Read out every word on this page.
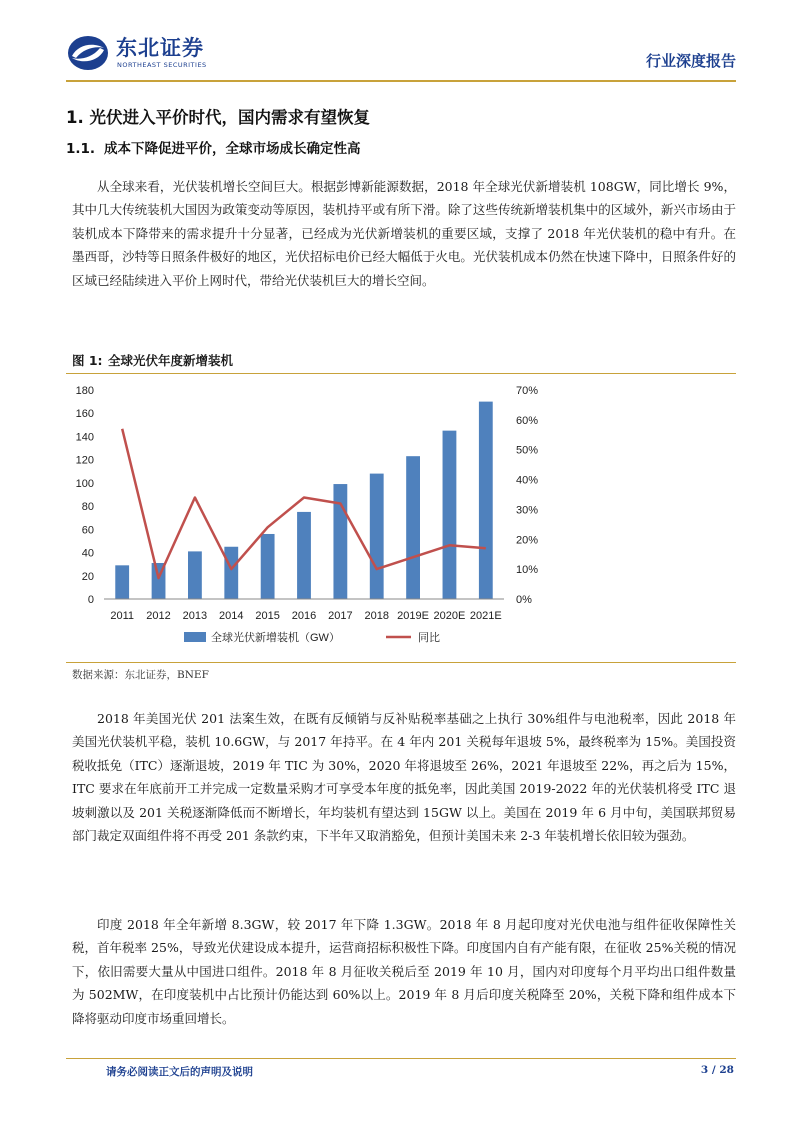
东北证券
NORTHEAST SECURITIES	行业深度报告
1. 光伏进入平价时代，国内需求有望恢复
1.1. 成本下降促进平价，全球市场成长确定性高

从全球来看，光伏装机增长空间巨大。根据彭博新能源数据，2018 年全球光伏新增装机 108GW，同比增长 9%，其中几大传统装机大国因为政策变动等原因，装机持平或有所下滑。除了这些传统新增装机集中的区域外，新兴市场由于装机成本下降带来的需求提升十分显著，已经成为光伏新增装机的重要区域，支撑了 2018 年光伏装机的稳中有升。在墨西哥，沙特等日照条件极好的地区，光伏招标电价已经大幅低于火电。光伏装机成本仍然在快速下降中，日照条件好的区域已经陆续进入平价上网时代，带给光伏装机巨大的增长空间。

图 1: 全球光伏年度新增装机
0
20
40
60
80
100
120
140
160
180
0%
10%
20%
30%
40%
50%
60%
70%
2011 2012 2013 2014 2015 2016 2017 2018 2019E 2020E 2021E
全球光伏新增装机（GW）	同比
数据来源：东北证券，BNEF

2018 年美国光伏 201 法案生效，在既有反倾销与反补贴税率基础之上执行 30%组件与电池税率，因此 2018 年美国光伏装机平稳，装机 10.6GW，与 2017 年持平。在 4 年内 201 关税每年退坡 5%，最终税率为 15%。美国投资税收抵免（ITC）逐渐退坡，2019 年 TIC 为 30%，2020 年将退坡至 26%，2021 年退坡至 22%，再之后为 15%，ITC 要求在年底前开工并完成一定数量采购才可享受本年度的抵免率，因此美国 2019-2022 年的光伏装机将受 ITC 退坡刺激以及 201 关税逐渐降低而不断增长，年均装机有望达到 15GW 以上。美国在 2019 年 6 月中旬，美国联邦贸易部门裁定双面组件将不再受 201 条款约束，下半年又取消豁免，但预计美国未来 2-3 年装机增长依旧较为强劲。

印度 2018 年全年新增 8.3GW，较 2017 年下降 1.3GW。2018 年 8 月起印度对光伏电池与组件征收保障性关税，首年税率 25%，导致光伏建设成本提升，运营商招标积极性下降。印度国内自有产能有限，在征收 25%关税的情况下，依旧需要大量从中国进口组件。2018 年 8 月征收关税后至 2019 年 10 月，国内对印度每个月平均出口组件数量为 502MW，在印度装机中占比预计仍能达到 60%以上。2019 年 8 月后印度关税降至 20%，关税下降和组件成本下降将驱动印度市场重回增长。

请务必阅读正文后的声明及说明	3 / 28
